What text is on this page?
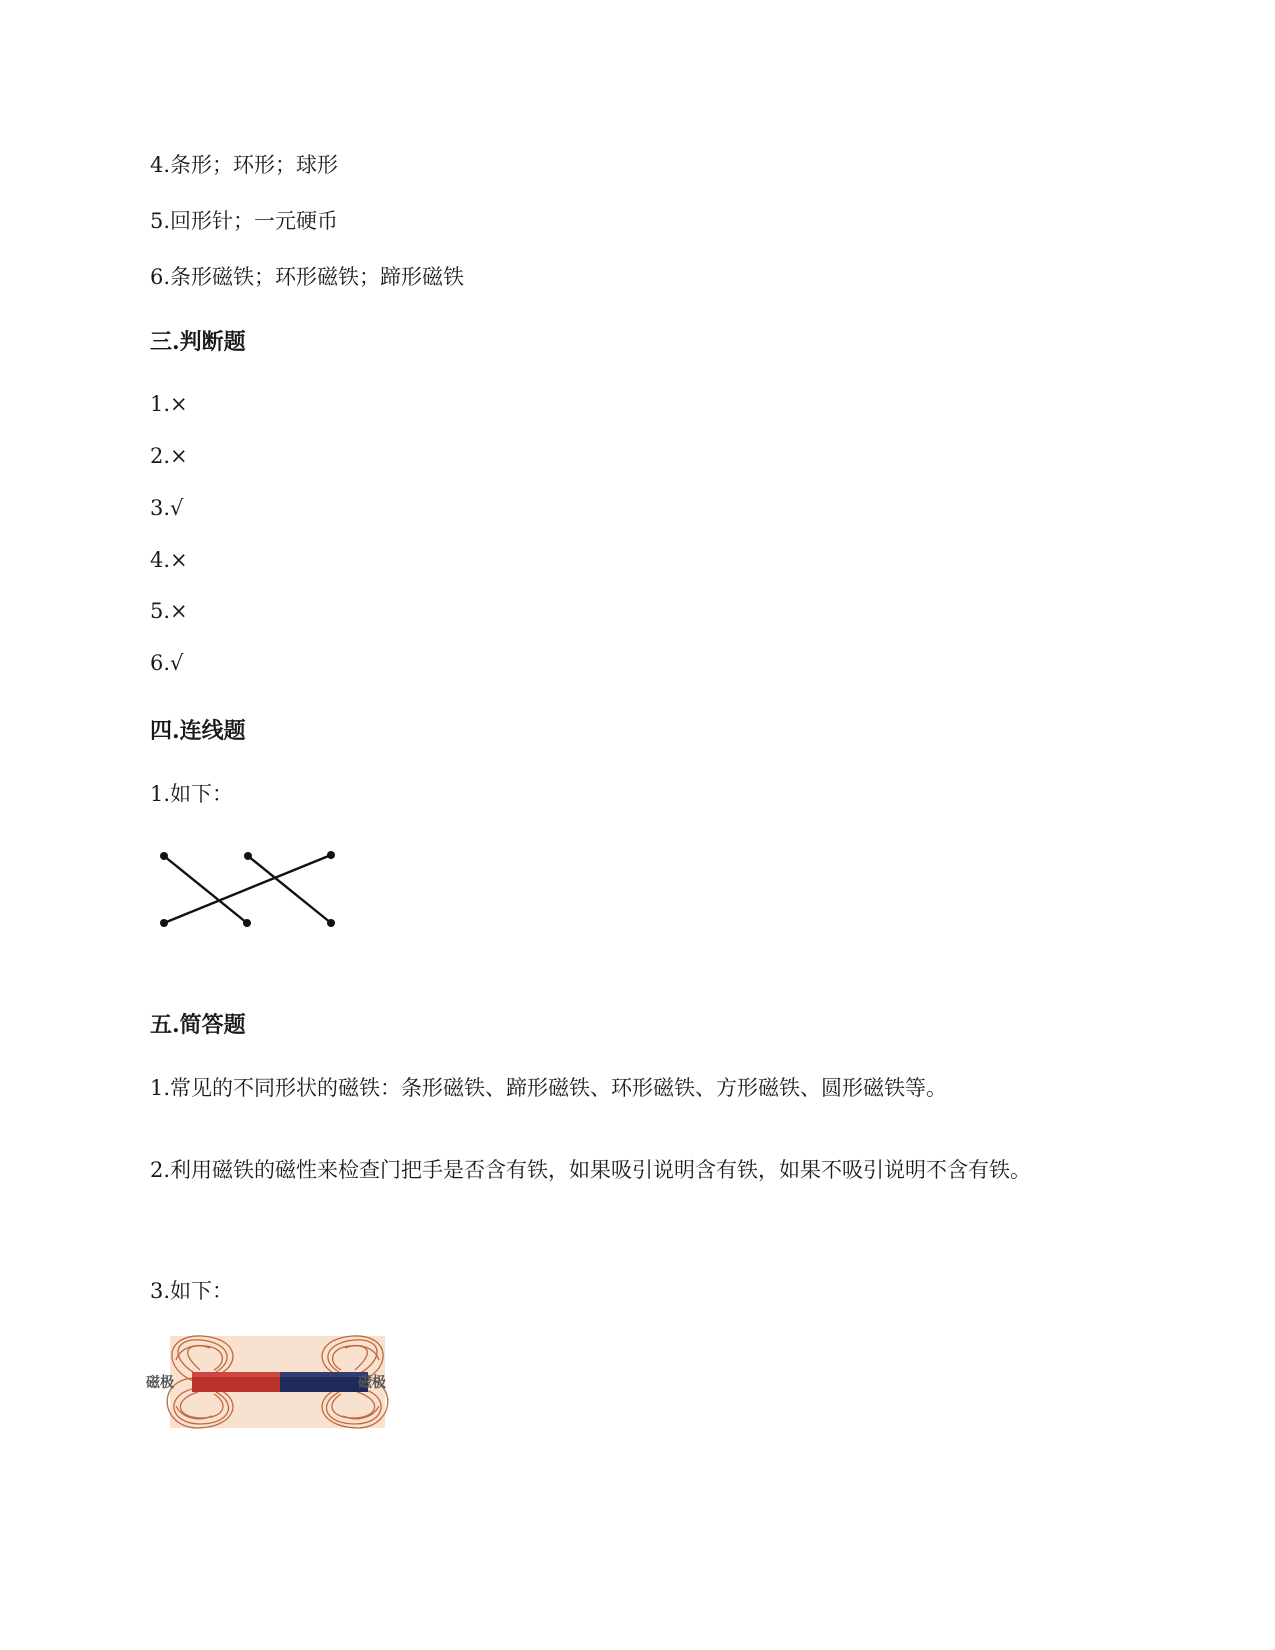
4.条形；环形；球形
5.回形针；一元硬币
6.条形磁铁；环形磁铁；蹄形磁铁
三.判断题
1.×
2.×
3.√
4.×
5.×
6.√
四.连线题
1.如下：
五.简答题
1.常见的不同形状的磁铁：条形磁铁、蹄形磁铁、环形磁铁、方形磁铁、圆形磁铁等。
2.利用磁铁的磁性来检查门把手是否含有铁，如果吸引说明含有铁，如果不吸引说明不含有铁。
3.如下：
磁极	磁极
